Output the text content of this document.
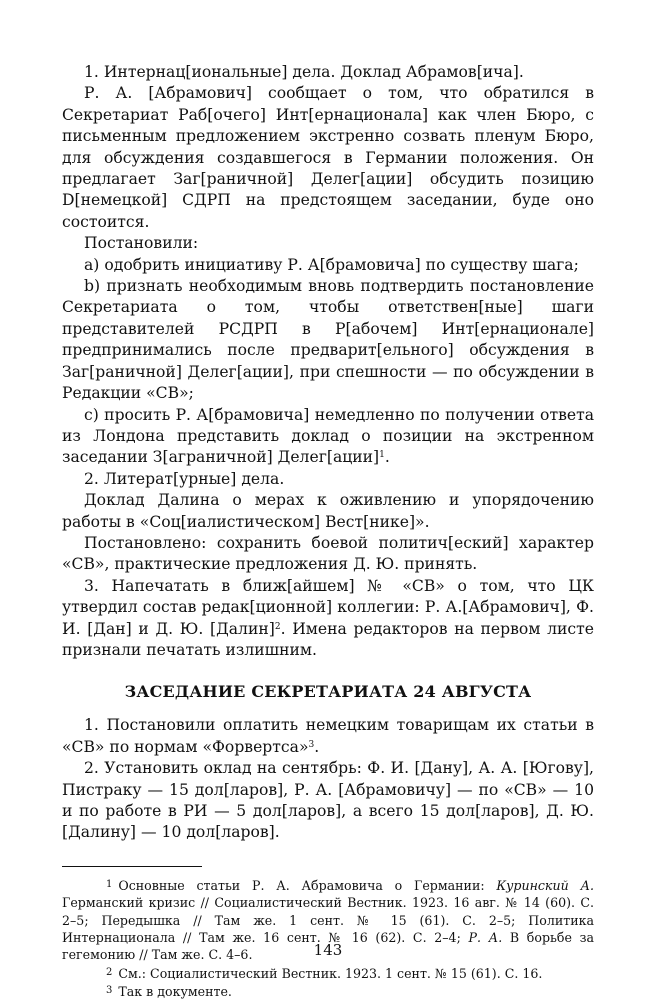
1. Интернац[иональные] дела. Доклад Абрамов[ича].

Р. А. [Абрамович] сообщает о том, что обратился в Секретариат Раб[очего] Инт[ернационала] как член Бюро, с письменным предложением экстренно созвать пленум Бюро, для обсуждения создавшегося в Германии положения. Он предлагает Заг[раничной] Делег[ации] обсудить позицию D[немецкой] СДРП на предстоящем заседании, буде оно состоится.

Постановили:

а) одобрить инициативу Р. А[брамовича] по существу шага;

b) признать необходимым вновь подтвердить постановление Секретариата о том, чтобы ответствен[ные] шаги представителей РСДРП в Р[абочем] Инт[ернационале] предпринимались после предварит[ельного] обсуждения в Заг[раничной] Делег[ации], при спешности — по обсуждении в Редакции «СВ»;

с) просить Р. А[брамовича] немедленно по получении ответа из Лондона представить доклад о позиции на экстренном заседании З[аграничной] Делег[ации]$^1$.

2. Литерат[урные] дела.

Доклад Далина о мерах к оживлению и упорядочению работы в «Соц[иалистическом] Вест[нике]».

Постановлено: сохранить боевой политич[еский] характер «СВ», практические предложения Д. Ю. принять.

3. Напечатать в ближ[айшем] № «СВ» о том, что ЦК утвердил состав редак[ционной] коллегии: Р. А.[Абрамович], Ф. И. [Дан] и Д. Ю. [Далин]$^2$. Имена редакторов на первом листе признали печатать излишним.

ЗАСЕДАНИЕ СЕКРЕТАРИАТА 24 АВГУСТА

1. Постановили оплатить немецким товарищам их статьи в «СВ» по нормам «Форвертса»$^3$.

2. Установить оклад на сентябрь: Ф. И. [Дану], А. А. [Югову], Пистраку — 15 дол[ларов], Р. А. [Абрамовичу] — по «СВ» — 10 и по работе в РИ — 5 дол[ларов], а всего 15 дол[ларов], Д. Ю. [Далину] — 10 дол[ларов].

1 Основные статьи Р. А. Абрамовича о Германии: Куринский А. Германский кризис // Социалистический Вестник. 1923. 16 авг. № 14 (60). С. 2–5; Передышка // Там же. 1 сент. № 15 (61). С. 2–5; Политика Интернационала // Там же. 16 сент. № 16 (62). С. 2–4; Р. А. В борьбе за гегемонию // Там же. С. 4–6.

2 См.: Социалистический Вестник. 1923. 1 сент. № 15 (61). С. 16.

3 Так в документе.

143
